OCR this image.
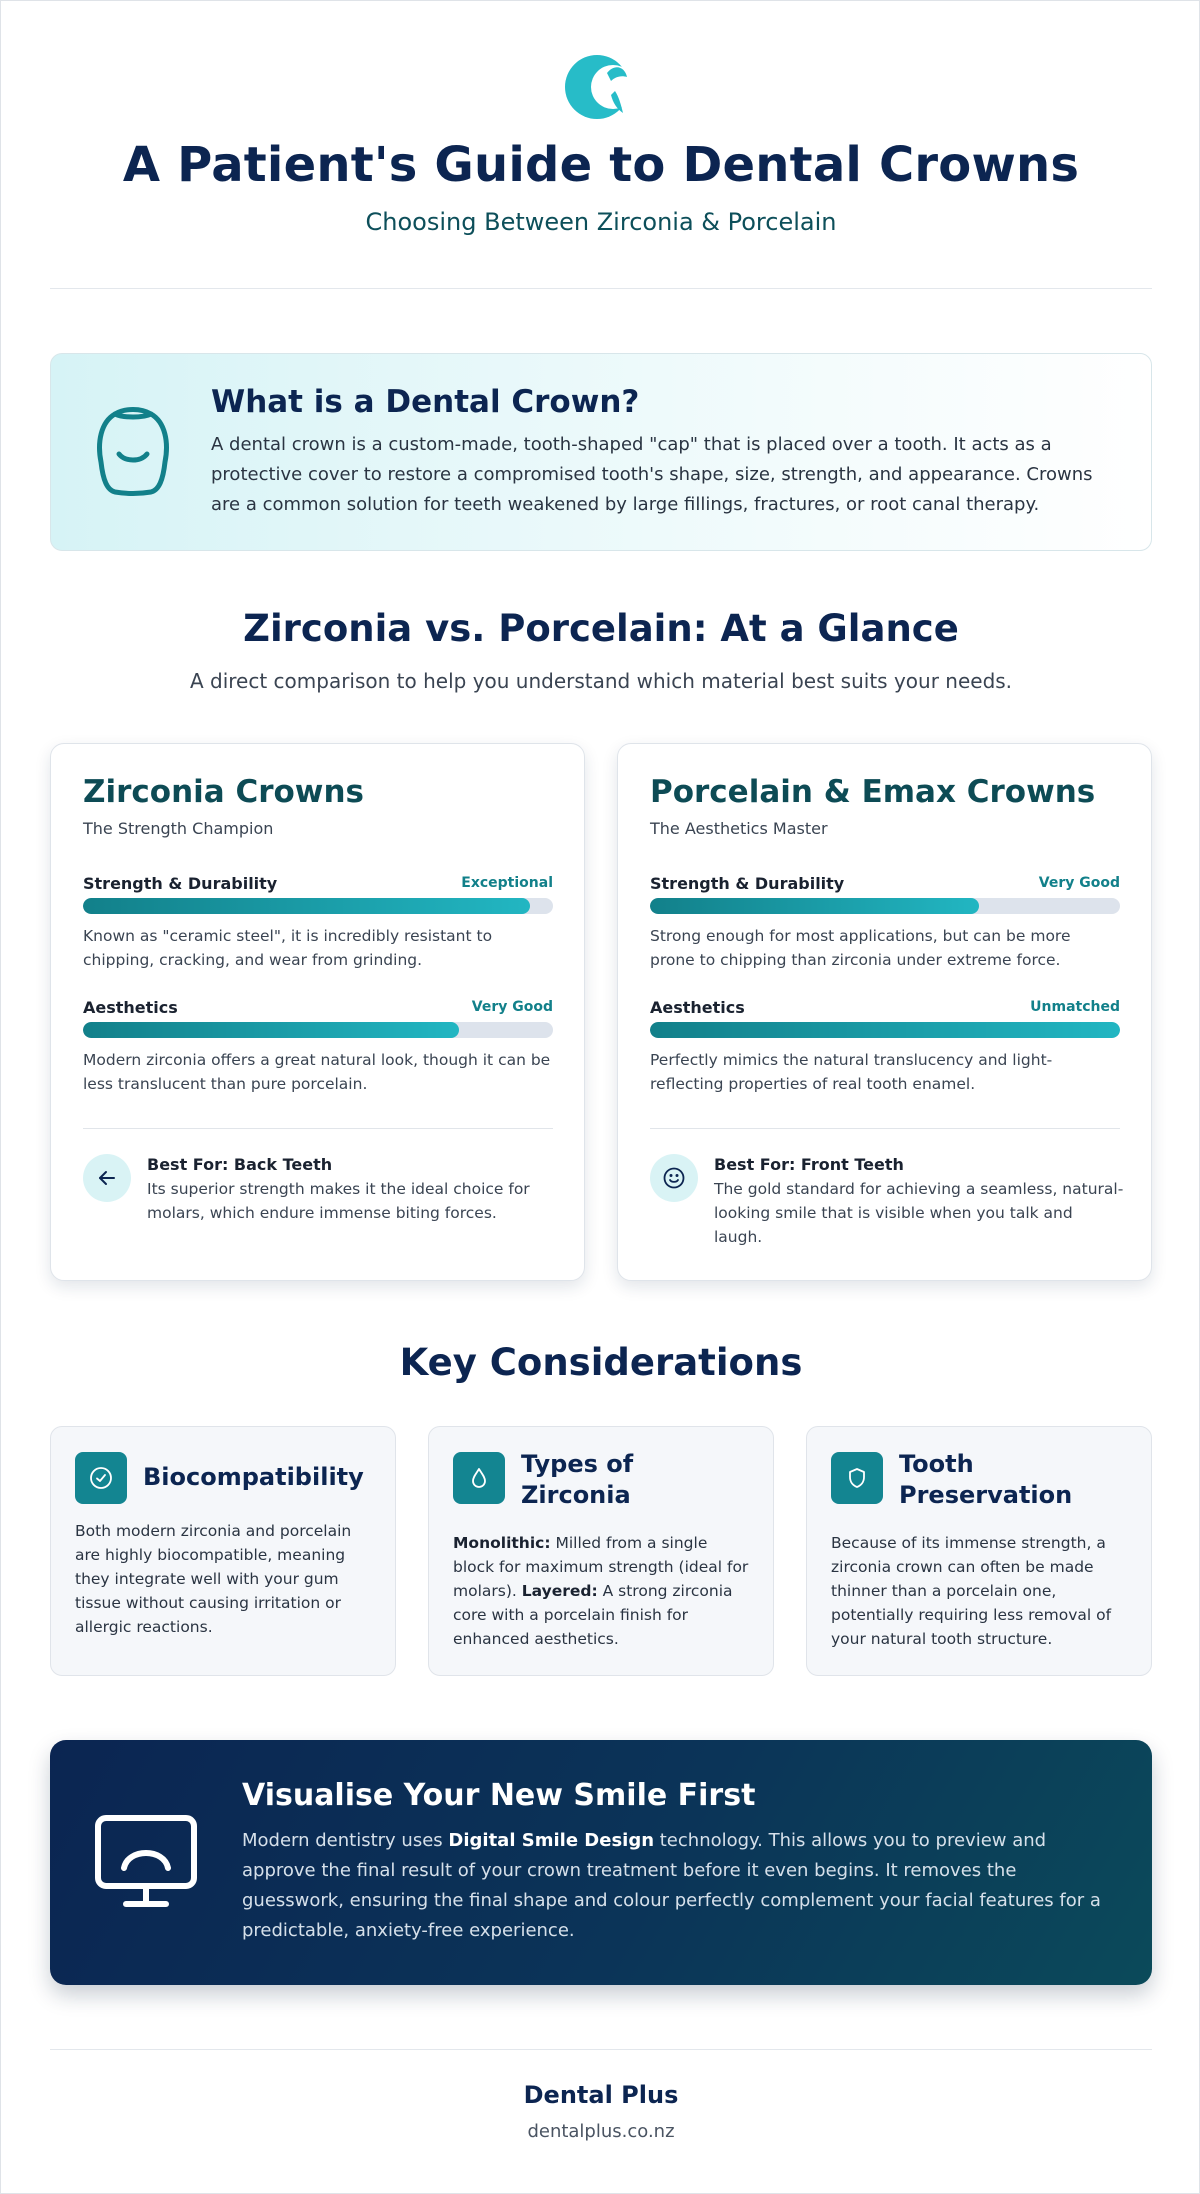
A Patient's Guide to Dental Crowns
Choosing Between Zirconia & Porcelain
What is a Dental Crown?

A dental crown is a custom-made, tooth-shaped "cap" that is placed over a tooth. It acts as a protective cover to restore a compromised tooth's shape, size, strength, and appearance. Crowns are a common solution for teeth weakened by large fillings, fractures, or root canal therapy.

Zirconia vs. Porcelain: At a Glance
A direct comparison to help you understand which material best suits your needs.
Zirconia Crowns
The Strength Champion
Strength & Durability	Exceptional
Known as "ceramic steel", it is incredibly resistant to chipping, cracking, and wear from grinding.
Aesthetics	Very Good
Modern zirconia offers a great natural look, though it can be less translucent than pure porcelain.
Best For: Back Teeth
Its superior strength makes it the ideal choice for molars, which endure immense biting forces.
Porcelain & Emax Crowns
The Aesthetics Master
Strength & Durability	Very Good
Strong enough for most applications, but can be more prone to chipping than zirconia under extreme force.
Aesthetics	Unmatched
Perfectly mimics the natural translucency and light-reflecting properties of real tooth enamel.
Best For: Front Teeth
The gold standard for achieving a seamless, natural-looking smile that is visible when you talk and laugh.
Key Considerations
Biocompatibility

Both modern zirconia and porcelain are highly biocompatible, meaning they integrate well with your gum tissue without causing irritation or allergic reactions.

Types of Zirconia

Monolithic: Milled from a single block for maximum strength (ideal for molars). Layered: A strong zirconia core with a porcelain finish for enhanced aesthetics.

Tooth Preservation

Because of its immense strength, a zirconia crown can often be made thinner than a porcelain one, potentially requiring less removal of your natural tooth structure.

Visualise Your New Smile First

Modern dentistry uses Digital Smile Design technology. This allows you to preview and approve the final result of your crown treatment before it even begins. It removes the guesswork, ensuring the final shape and colour perfectly complement your facial features for a predictable, anxiety-free experience.

Dental Plus
dentalplus.co.nz
